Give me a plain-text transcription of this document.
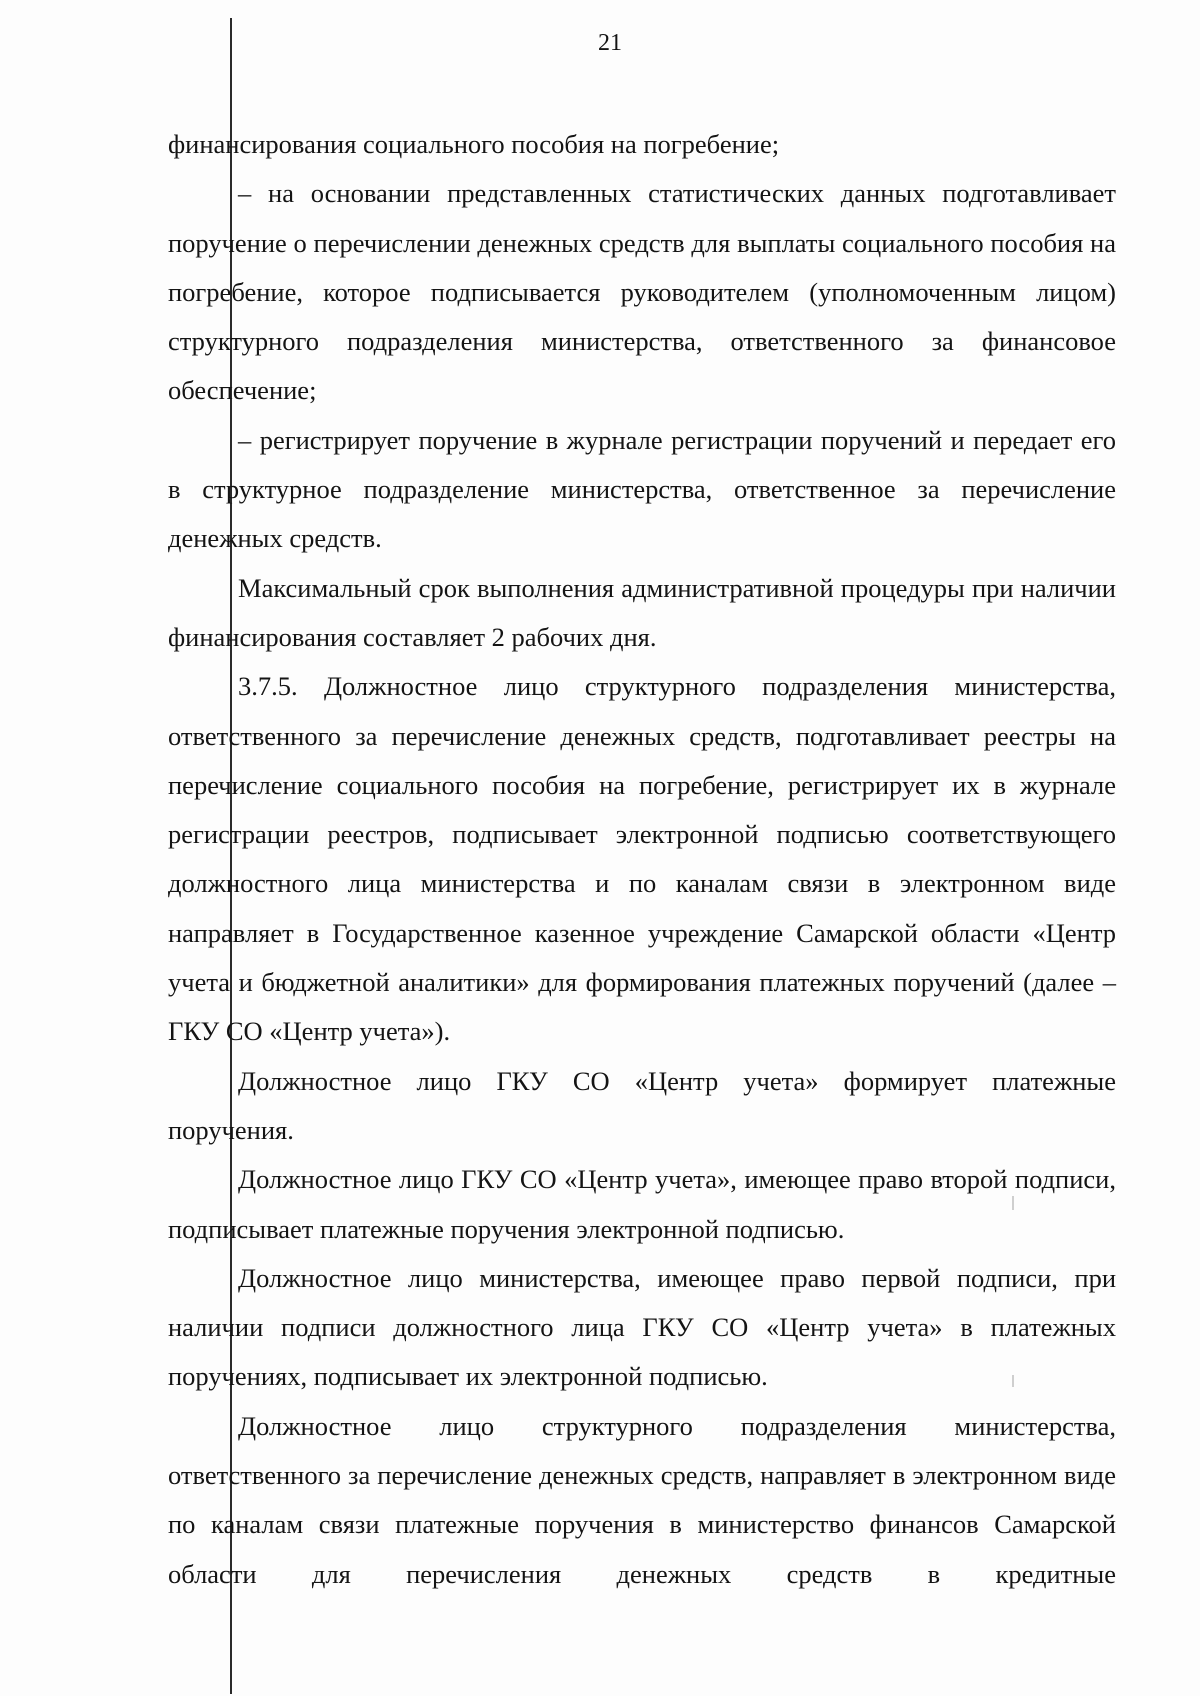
21

финансирования социального пособия на погребение;

– на основании представленных статистических данных подготавливает поручение о перечислении денежных средств для выплаты социального пособия на погребение, которое подписывается руководителем (уполномоченным лицом) структурного подразделения министерства, ответственного за финансовое обеспечение;

– регистрирует поручение в журнале регистрации поручений и передает его в структурное подразделение министерства, ответственное за перечисление денежных средств.

Максимальный срок выполнения административной процедуры при наличии финансирования составляет 2 рабочих дня.

3.7.5. Должностное лицо структурного подразделения министерства, ответственного за перечисление денежных средств, подготавливает реестры на перечисление социального пособия на погребение, регистрирует их в журнале регистрации реестров, подписывает электронной подписью соответствующего должностного лица министерства и по каналам связи в электронном виде направляет в Государственное казенное учреждение Самарской области «Центр учета и бюджетной аналитики» для формирования платежных поручений (далее – ГКУ СО «Центр учета»).

Должностное лицо ГКУ СО «Центр учета» формирует платежные поручения.

Должностное лицо ГКУ СО «Центр учета», имеющее право второй подписи, подписывает платежные поручения электронной подписью.

Должностное лицо министерства, имеющее право первой подписи, при наличии подписи должностного лица ГКУ СО «Центр учета» в платежных поручениях, подписывает их электронной подписью.

Должностное лицо структурного подразделения министерства, ответственного за перечисление денежных средств, направляет в электронном виде по каналам связи платежные поручения в министерство финансов Самарской области для перечисления денежных средств в кредитные
